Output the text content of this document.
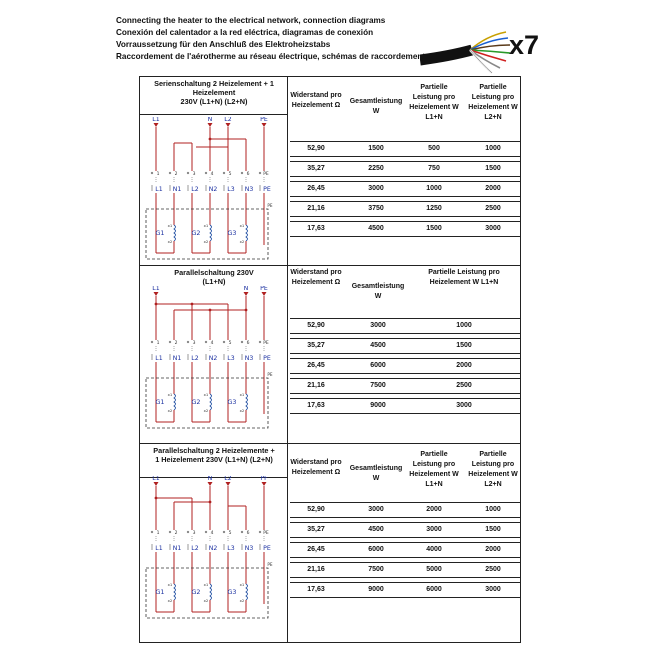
Connecting the heater to the electrical network, connection diagrams
Conexión del calentador a la red eléctrica, diagramas de conexión
Vorraussetzung für den Anschluß des Elektroheizstabs
Raccordement de l'aérotherme au réseau électrique, schémas de raccordement	x7
Serienschaltung 2 Heizelement + 1
Heizelement
230V (L1+N) (L2+N)
L1	N L2	PE
1
L1
2
N1
3
L2
4
N2
5
L3
6
N3
PE
PE
PE
G1
x1
x2
G2
x1
x2
G3
x1
x2
Widerstand pro Heizelement Ω
Gesamtleistung W
Partielle Leistung pro Heizelement W L1+N
Partielle Leistung pro Heizelement W L2+N
52,90	1500	500	1000
35,27	2250	750	1500
26,45	3000	1000	2000
21,16	3750	1250	2500
17,63	4500	1500	3000
Parallelschaltung 230V
(L1+N)
L1	N PE
1
L1
2
N1
3
L2
4
N2
5
L3
6
N3
PE
PE
PE
G1
x1
x2
G2
x1
x2
G3
x1
x2
Widerstand pro Heizelement Ω
Gesamtleistung W
Partielle Leistung pro Heizelement W L1+N
52,90	3000	1000
35,27	4500	1500
26,45	6000	2000
21,16	7500	2500
17,63	9000	3000
Parallelschaltung 2 Heizelemente +
1 Heizelement 230V (L1+N) (L2+N)
L1	N L2	PF
1
L1
2
N1
3
L2
4
N2
5
L3
6
N3
PE
PE
PE
G1
x1
x2
G2
x1
x2
G3
x1
x2
Widerstand pro Heizelement Ω
Gesamtleistung W
Partielle Leistung pro Heizelement W L1+N
Partielle Leistung pro Heizelement W L2+N
52,90	3000	2000	1000
35,27	4500	3000	1500
26,45	6000	4000	2000
21,16	7500	5000	2500
17,63	9000	6000	3000
